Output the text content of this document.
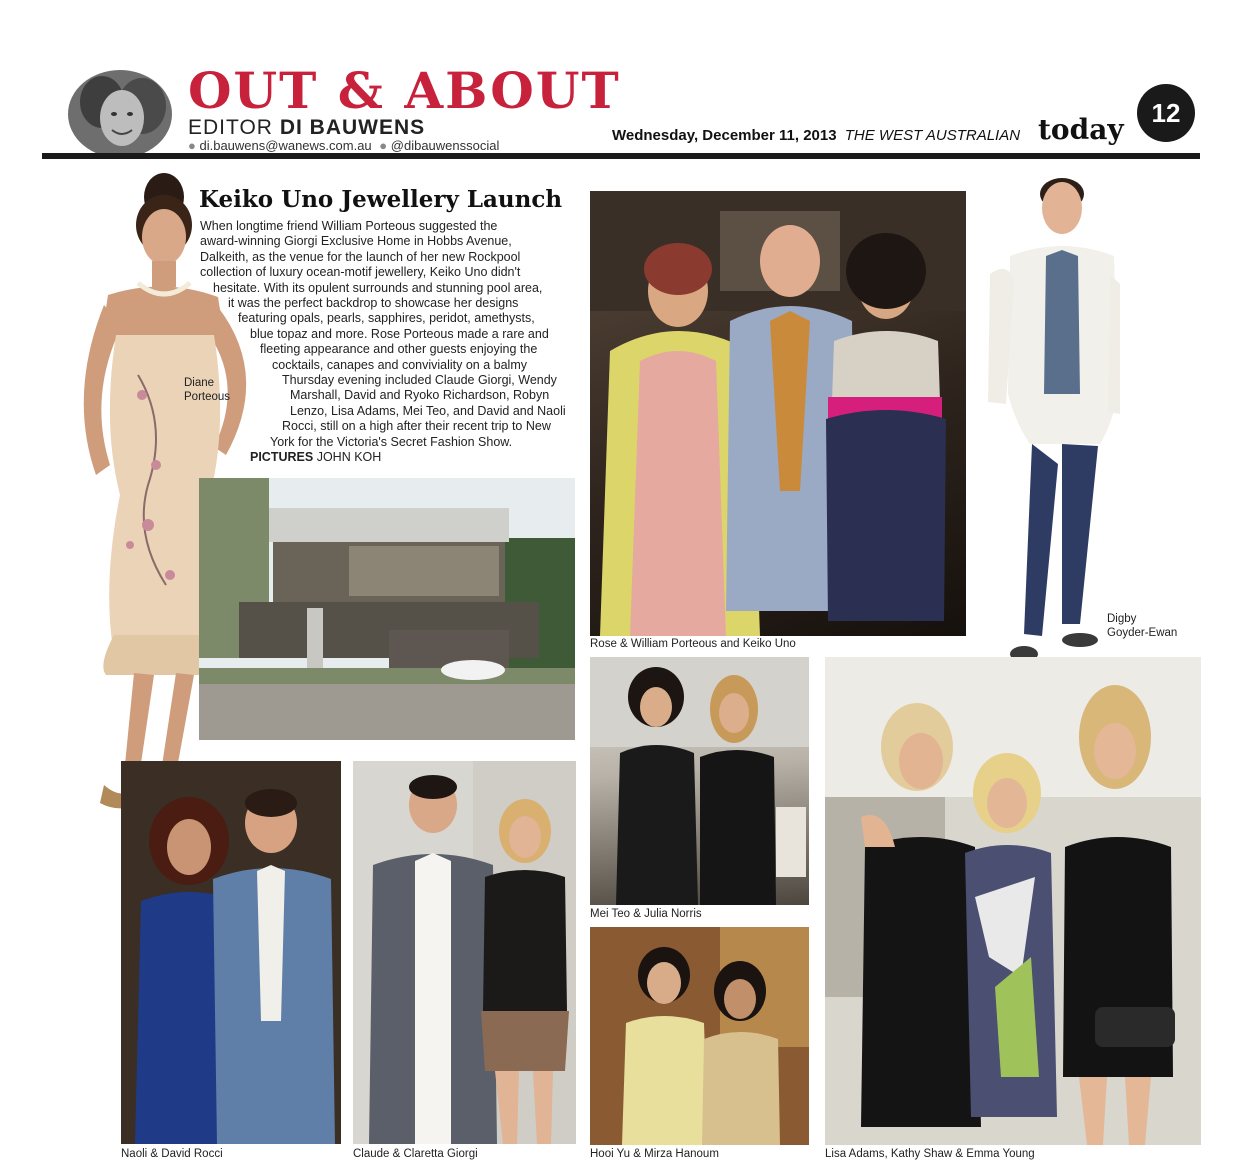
OUT & ABOUT
EDITOR DI BAUWENS
● di.bauwens@wanews.com.au ● @dibauwenssocial
Wednesday, December 11, 2013 THE WEST AUSTRALIAN today
12
Keiko Uno Jewellery Launch
When longtime friend William Porteous suggested the
award-winning Giorgi Exclusive Home in Hobbs Avenue,
Dalkeith, as the venue for the launch of her new Rockpool
collection of luxury ocean-motif jewellery, Keiko Uno didn't
hesitate. With its opulent surrounds and stunning pool area,
it was the perfect backdrop to showcase her designs
featuring opals, pearls, sapphires, peridot, amethysts,
blue topaz and more. Rose Porteous made a rare and
fleeting appearance and other guests enjoying the
cocktails, canapes and conviviality on a balmy
Thursday evening included Claude Giorgi, Wendy
Marshall, David and Ryoko Richardson, Robyn
Lenzo, Lisa Adams, Mei Teo, and David and Naoli
Rocci, still on a high after their recent trip to New
York for the Victoria's Secret Fashion Show.
PICTURES JOHN KOH
Diane
Porteous
Rose & William Porteous and Keiko Uno
Digby
Goyder-Ewan
Mei Teo & Julia Norris
Hooi Yu & Mirza Hanoum
Naoli & David Rocci	Claude & Claretta Giorgi	Lisa Adams, Kathy Shaw & Emma Young
